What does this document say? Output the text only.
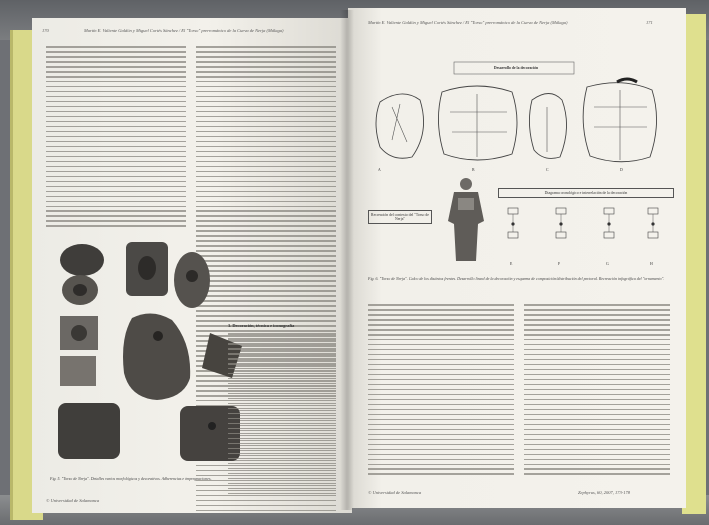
170	Martín E. Valiente Galdón y Miguel Cortés Sánchez / El "Torso" prerrománico de la Cueva de Nerja (Málaga)
Fig. 5. "Torso de Nerja". Detalles varios morfológicos y decorativos. Adherencias e impregnaciones.
3. Decoración, técnica e iconografía
© Universidad de Salamanca
Martín E. Valiente Galdón y Miguel Cortés Sánchez / El "Torso" prerrománico de la Cueva de Nerja (Málaga)	171
Desarrollo de la decoración
A	B	C	D
Recreación del contexto del "Torso de Nerja"
Diagrama cronológico e interrelación de la decoración
E	F	G	H
Fig. 6. "Torso de Nerja". Calco de los distintos frentes. Desarrollo lineal de la decoración y esquema de composición/distribución del pectoral. Recreación infográfica del "ornamento".
© Universidad de Salamanca	Zephyrus, 60, 2007, 173-178
